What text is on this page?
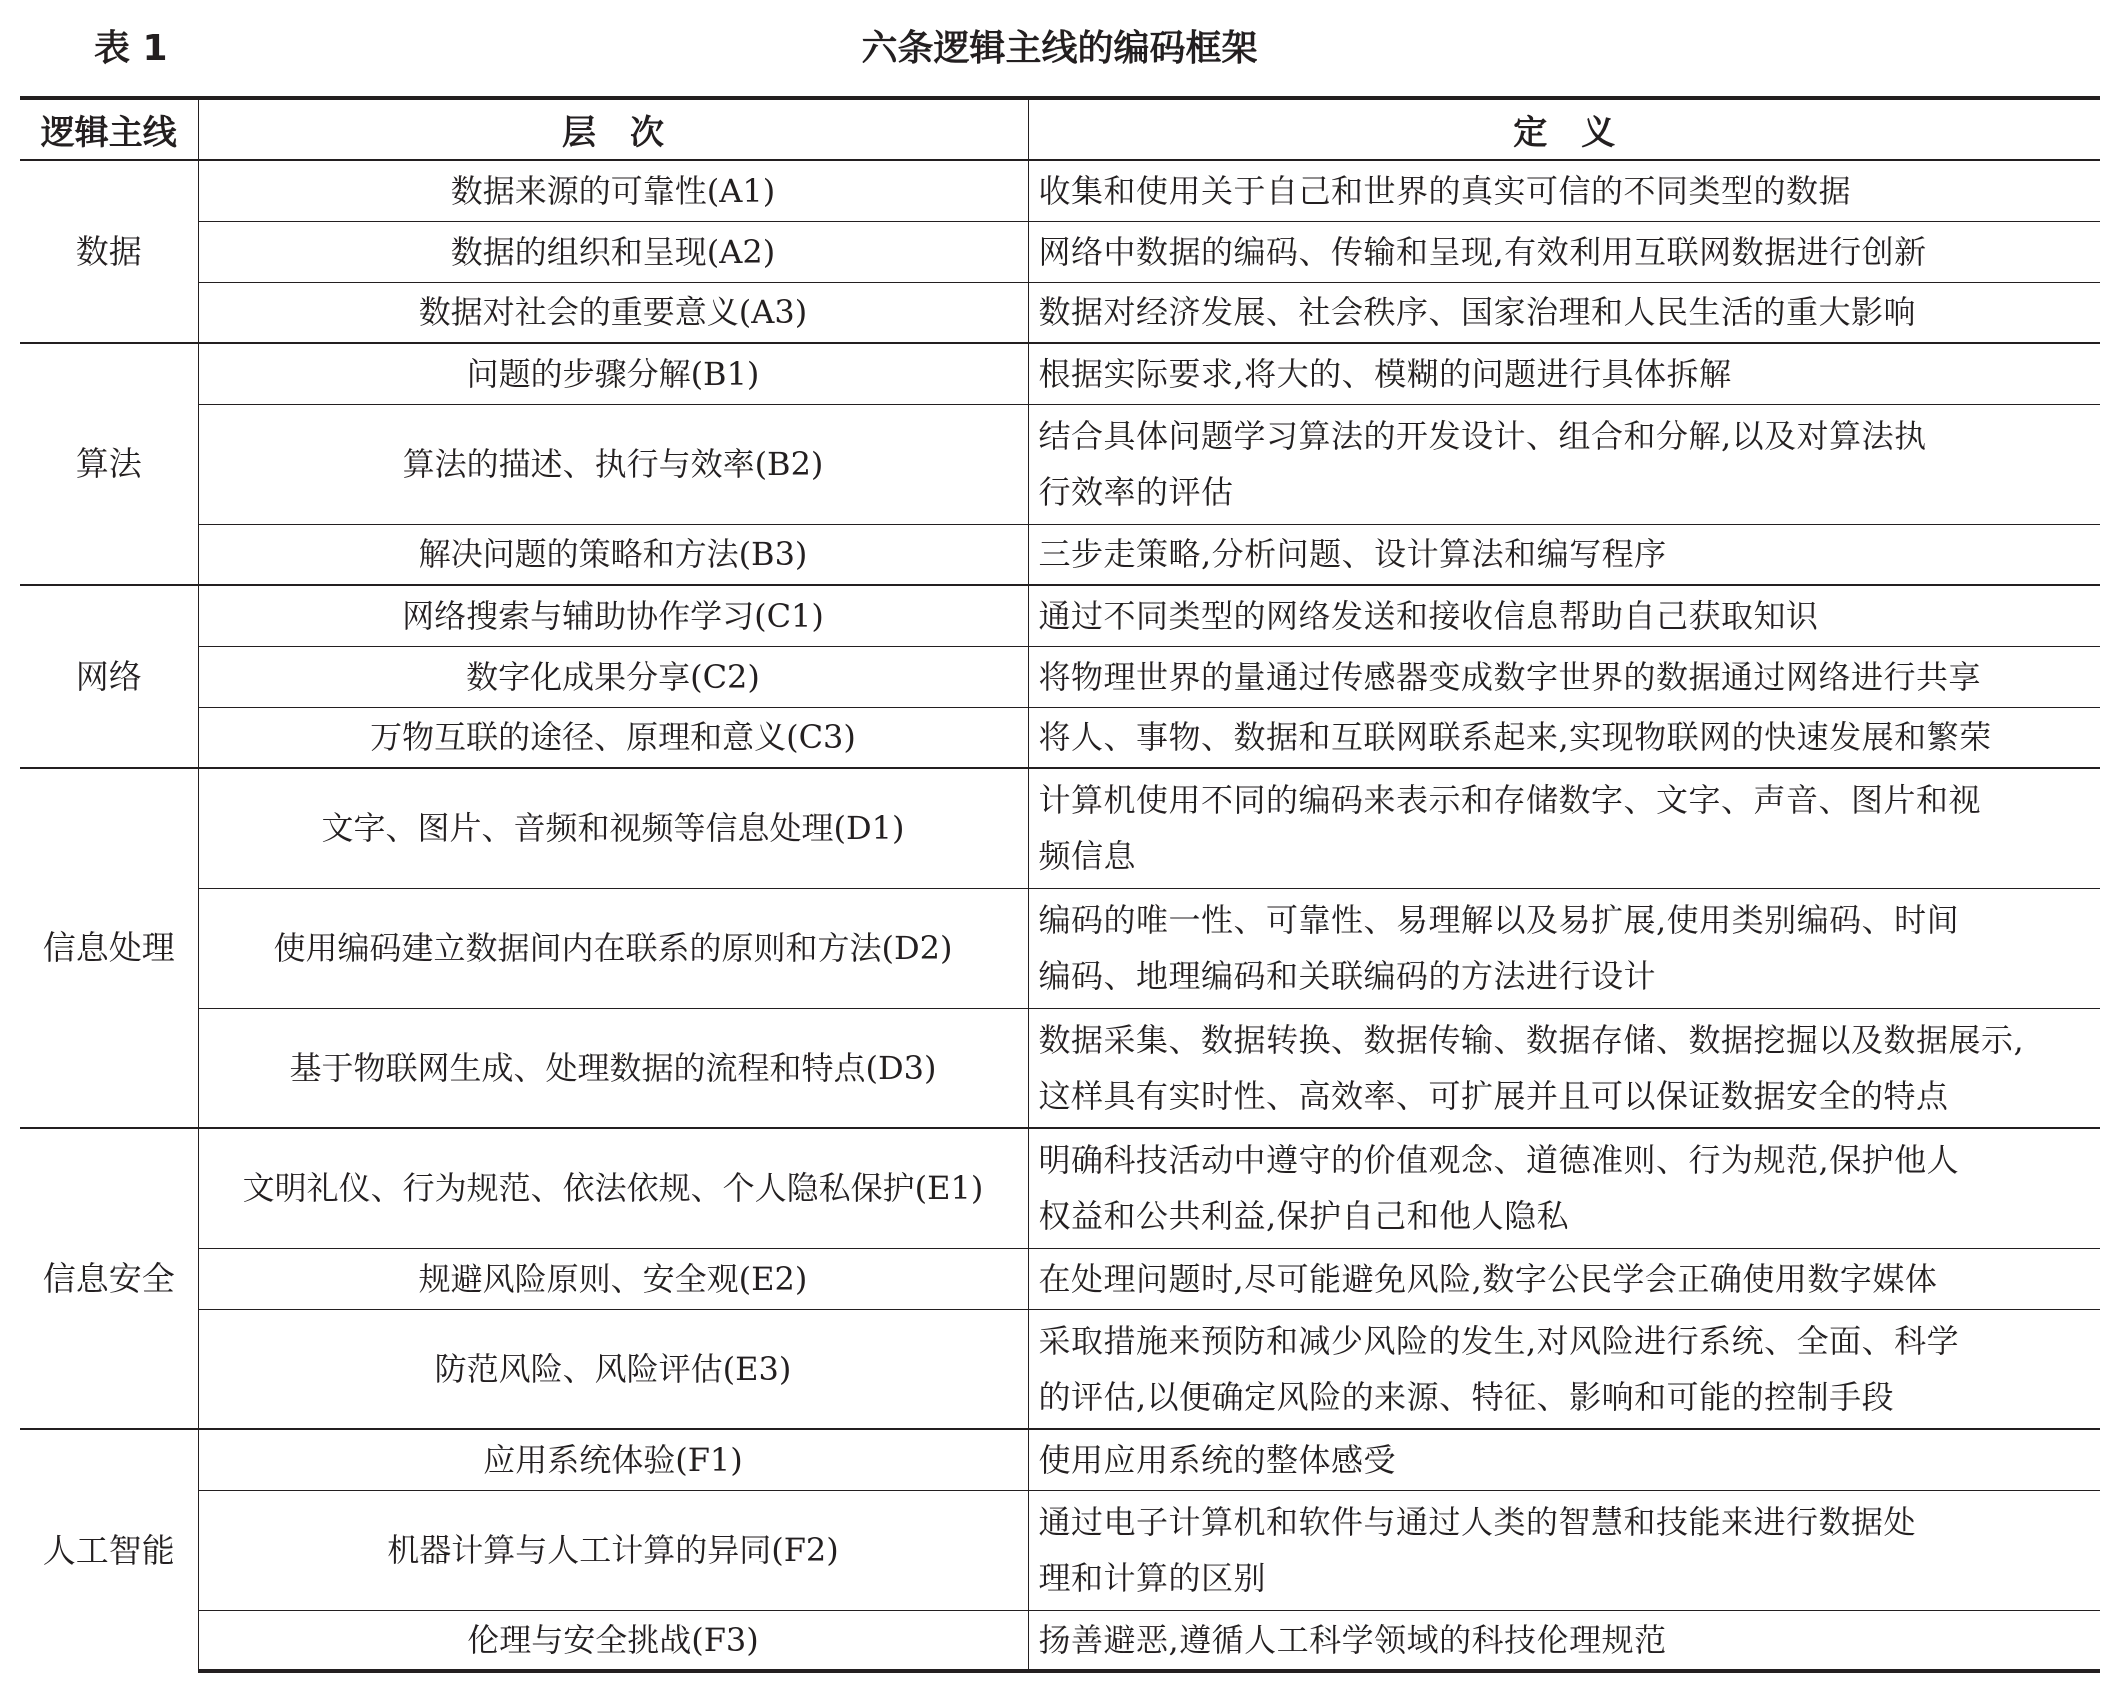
表 1	六条逻辑主线的编码框架
逻辑主线	层　次	定　义
数据	数据来源的可靠性(A1)	收集和使用关于自己和世界的真实可信的不同类型的数据

	数据的组织和呈现(A2)	网络中数据的编码、传输和呈现,有效利用互联网数据进行创新

	数据对社会的重要意义(A3)	数据对经济发展、社会秩序、国家治理和人民生活的重大影响

算法	问题的步骤分解(B1)	根据实际要求,将大的、模糊的问题进行具体拆解

	算法的描述、执行与效率(B2)	结合具体问题学习算法的开发设计、组合和分解,以及对算法执
行效率的评估

	解决问题的策略和方法(B3)	三步走策略,分析问题、设计算法和编写程序

网络	网络搜索与辅助协作学习(C1)	通过不同类型的网络发送和接收信息帮助自己获取知识

	数字化成果分享(C2)	将物理世界的量通过传感器变成数字世界的数据通过网络进行共享

	万物互联的途径、原理和意义(C3)	将人、事物、数据和互联网联系起来,实现物联网的快速发展和繁荣

信息处理	文字、图片、音频和视频等信息处理(D1)	计算机使用不同的编码来表示和存储数字、文字、声音、图片和视
频信息

	使用编码建立数据间内在联系的原则和方法(D2)	编码的唯一性、可靠性、易理解以及易扩展,使用类别编码、时间
编码、地理编码和关联编码的方法进行设计

	基于物联网生成、处理数据的流程和特点(D3)	数据采集、数据转换、数据传输、数据存储、数据挖掘以及数据展示,
这样具有实时性、高效率、可扩展并且可以保证数据安全的特点

信息安全	文明礼仪、行为规范、依法依规、个人隐私保护(E1)	明确科技活动中遵守的价值观念、道德准则、行为规范,保护他人
权益和公共利益,保护自己和他人隐私

	规避风险原则、安全观(E2)	在处理问题时,尽可能避免风险,数字公民学会正确使用数字媒体

	防范风险、风险评估(E3)	采取措施来预防和减少风险的发生,对风险进行系统、全面、科学
的评估,以便确定风险的来源、特征、影响和可能的控制手段

人工智能	应用系统体验(F1)	使用应用系统的整体感受

	机器计算与人工计算的异同(F2)	通过电子计算机和软件与通过人类的智慧和技能来进行数据处
理和计算的区别

	伦理与安全挑战(F3)	扬善避恶,遵循人工科学领域的科技伦理规范
